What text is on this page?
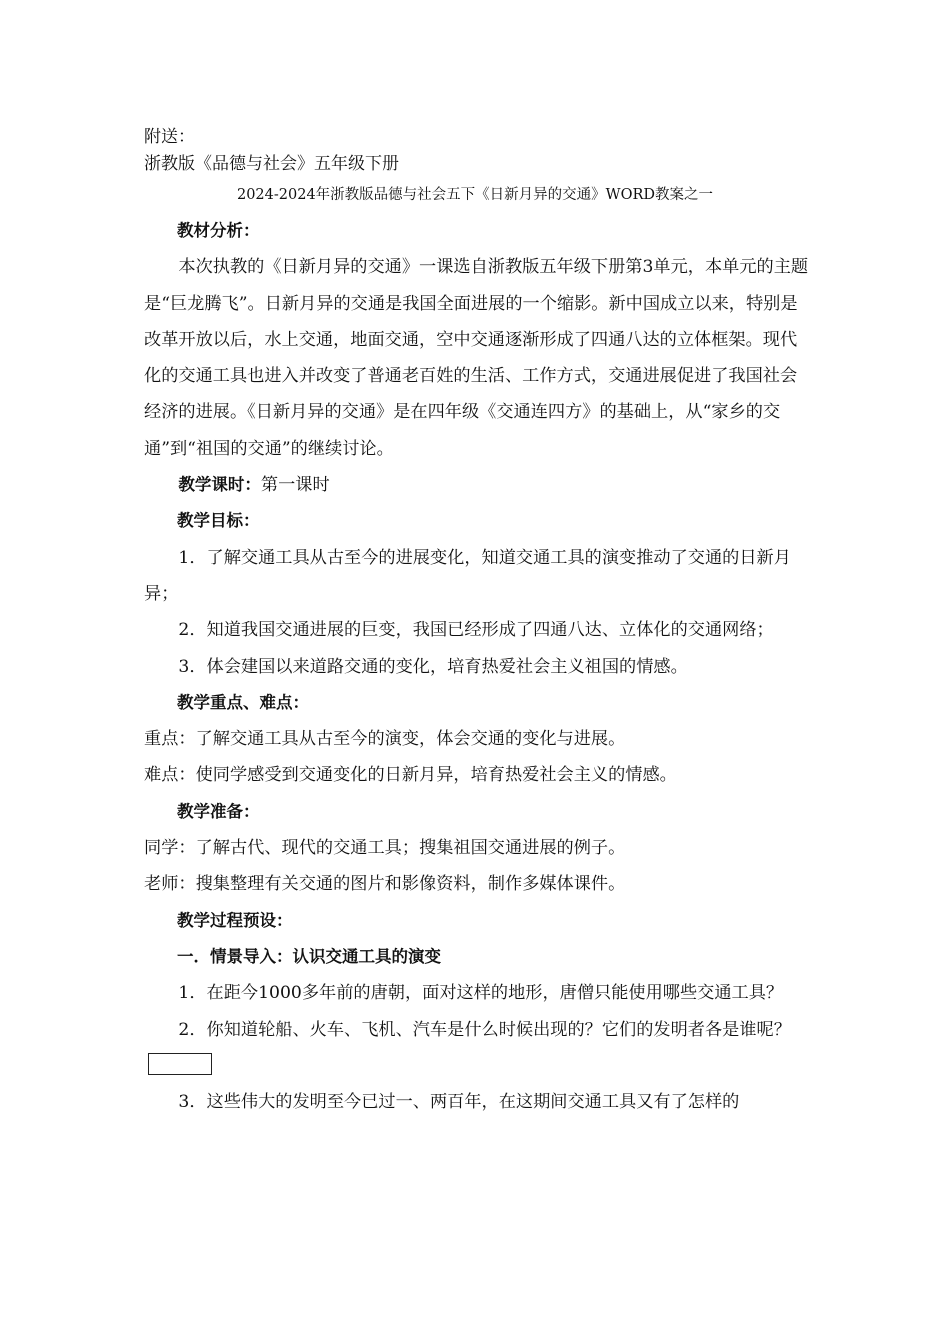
附送：
浙教版《品德与社会》五年级下册
2024-2024年浙教版品德与社会五下《日新月异的交通》WORD教案之一

教材分析：

本次执教的《日新月异的交通》一课选自浙教版五年级下册第3单元，本单元的主题是“巨龙腾飞”。日新月异的交通是我国全面进展的一个缩影。新中国成立以来，特别是改革开放以后，水上交通，地面交通，空中交通逐渐形成了四通八达的立体框架。现代化的交通工具也进入并改变了普通老百姓的生活、工作方式，交通进展促进了我国社会经济的进展。《日新月异的交通》是在四年级《交通连四方》的基础上，从“家乡的交通”到“祖国的交通”的继续讨论。

教学课时：第一课时

教学目标：

1．了解交通工具从古至今的进展变化，知道交通工具的演变推动了交通的日新月异；

2．知道我国交通进展的巨变，我国已经形成了四通八达、立体化的交通网络；

3．体会建国以来道路交通的变化，培育热爱社会主义祖国的情感。

教学重点、难点：

重点：了解交通工具从古至今的演变，体会交通的变化与进展。

难点：使同学感受到交通变化的日新月异，培育热爱社会主义的情感。

教学准备：

同学：了解古代、现代的交通工具；搜集祖国交通进展的例子。

老师：搜集整理有关交通的图片和影像资料，制作多媒体课件。

教学过程预设：

一．情景导入：认识交通工具的演变

1．在距今1000多年前的唐朝，面对这样的地形，唐僧只能使用哪些交通工具？

2．你知道轮船、火车、飞机、汽车是什么时候出现的？它们的发明者各是谁呢？

3．这些伟大的发明至今已过一、两百年，在这期间交通工具又有了怎样的
